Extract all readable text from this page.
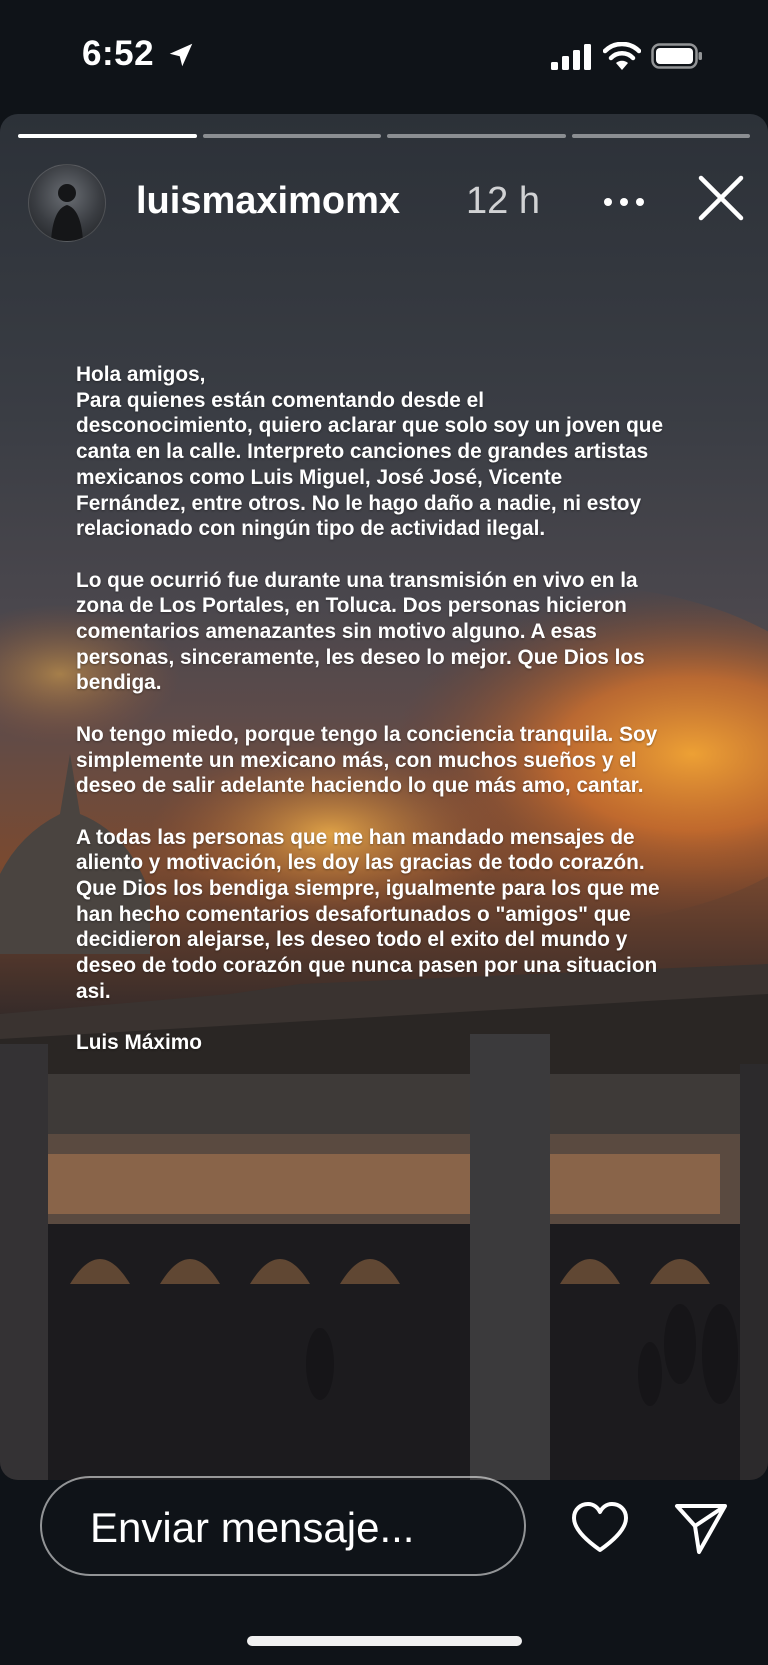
6:52
luismaximomx 12 h

Hola amigos,
Para quienes están comentando desde el
desconocimiento, quiero aclarar que solo soy un joven que
canta en la calle. Interpreto canciones de grandes artistas
mexicanos como Luis Miguel, José José, Vicente
Fernández, entre otros. No le hago daño a nadie, ni estoy
relacionado con ningún tipo de actividad ilegal.

Lo que ocurrió fue durante una transmisión en vivo en la
zona de Los Portales, en Toluca. Dos personas hicieron
comentarios amenazantes sin motivo alguno. A esas
personas, sinceramente, les deseo lo mejor. Que Dios los
bendiga.

No tengo miedo, porque tengo la conciencia tranquila. Soy
simplemente un mexicano más, con muchos sueños y el
deseo de salir adelante haciendo lo que más amo, cantar.

A todas las personas que me han mandado mensajes de
aliento y motivación, les doy las gracias de todo corazón.
Que Dios los bendiga siempre, igualmente para los que me
han hecho comentarios desafortunados o "amigos" que
decidieron alejarse, les deseo todo el exito del mundo y
deseo de todo corazón que nunca pasen por una situacion
asi.

Luis Máximo

Enviar mensaje...
